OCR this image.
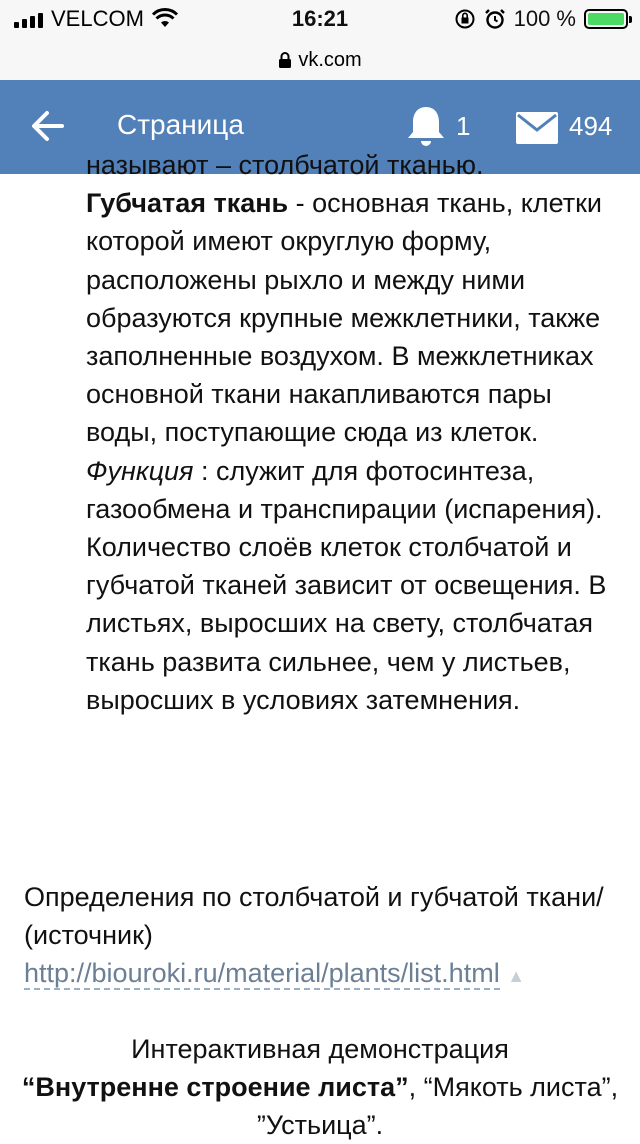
VELCOM	16:21	100 %
vk.com
Страница	1	494

называют – столбчатой тканью.

Губчатая ткань - основная ткань, клетки которой имеют округлую форму, расположены рыхло и между ними образуются крупные межклетники, также заполненные воздухом. В межклетниках основной ткани накапливаются пары воды, поступающие сюда из клеток. Функция : служит для фотосинтеза, газообмена и транспирации (испарения). Количество слоёв клеток столбчатой и губчатой тканей зависит от освещения. В листьях, выросших на свету, столбчатая ткань развита сильнее, чем у листьев, выросших в условиях затемнения.

Определения по столбчатой и губчатой ткани/ (источник)

http://biouroki.ru/material/plants/list.html ▲

Интерактивная демонстрация

“Внутренне строение листа”, “Мякоть листа”, ”Устьица”.
